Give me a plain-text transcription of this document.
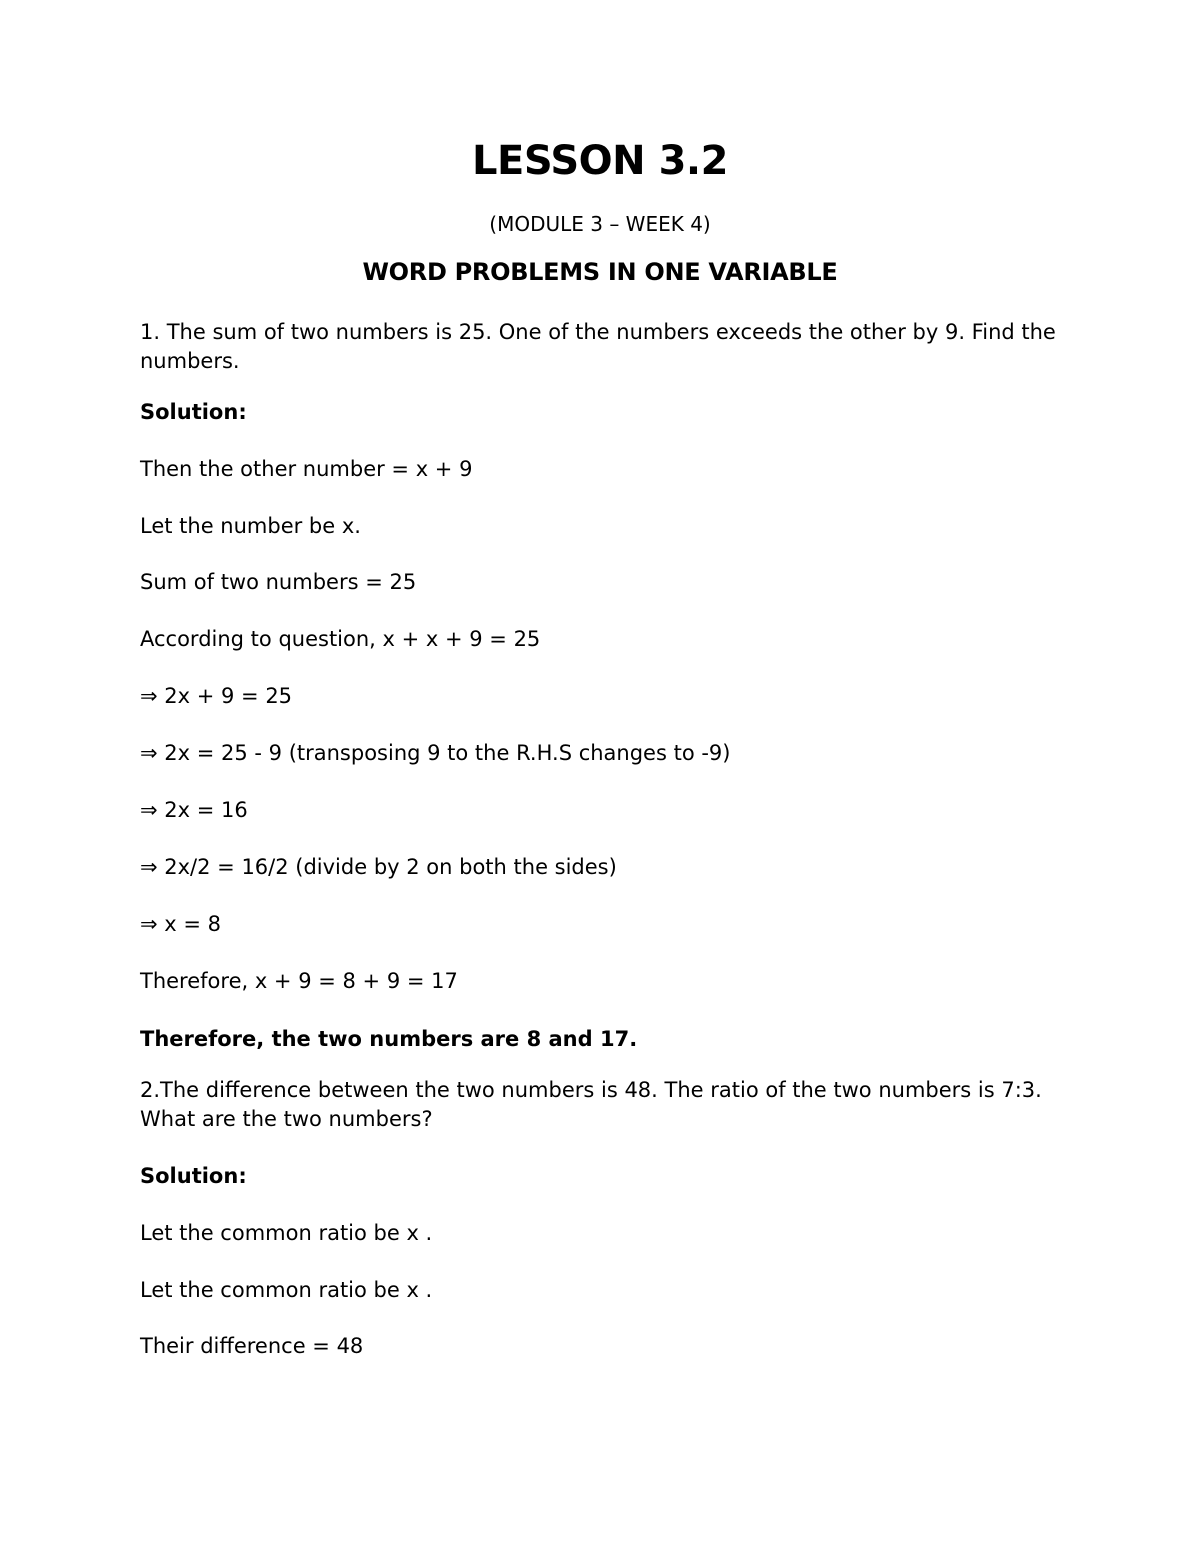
LESSON 3.2

(MODULE 3 – WEEK 4)

WORD PROBLEMS IN ONE VARIABLE

1. The sum of two numbers is 25. One of the numbers exceeds the other by 9. Find the numbers.

Solution:

Then the other number = x + 9

Let the number be x.

Sum of two numbers = 25

According to question, x + x + 9 = 25

⇒ 2x + 9 = 25

⇒ 2x = 25 - 9 (transposing 9 to the R.H.S changes to -9)

⇒ 2x = 16

⇒ 2x/2 = 16/2 (divide by 2 on both the sides)

⇒ x = 8

Therefore, x + 9 = 8 + 9 = 17

Therefore, the two numbers are 8 and 17.

2.The difference between the two numbers is 48. The ratio of the two numbers is 7:3. What are the two numbers?

Solution:

Let the common ratio be x .

Let the common ratio be x .

Their difference = 48
